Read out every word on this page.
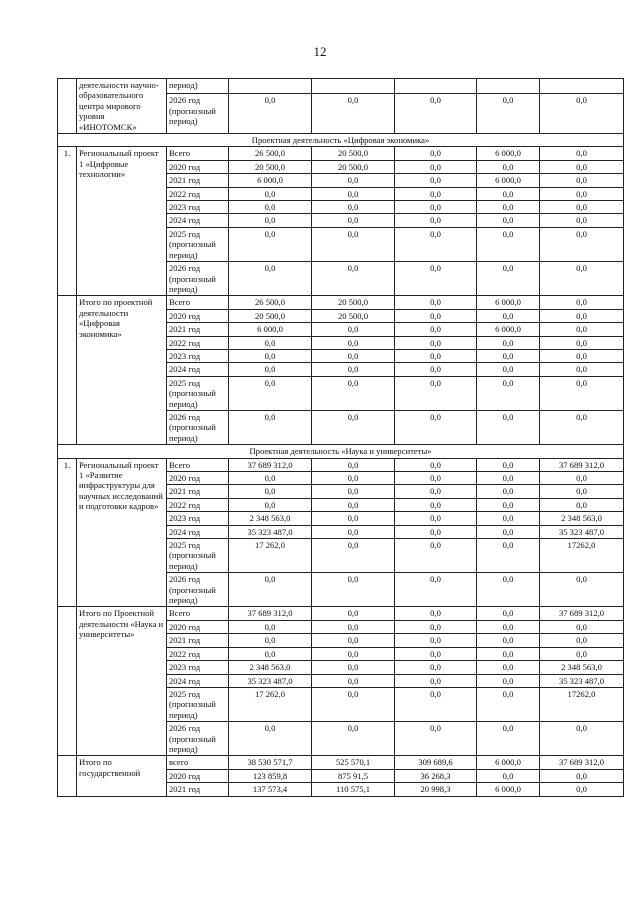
12
	деятельности научно-образовательного центра мирового уровня «ИНОТОМСК»	период)					
		2026 год (прогнозный период)	0,0	0,0	0,0	0,0	0,0
Проектная деятельность «Цифровая экономика»							
1.	Региональный проект 1 «Цифровые технологии»	Всего	26 500,0	20 500,0	0,0	6 000,0	0,0
		2020 год	20 500,0	20 500,0	0,0	0,0	0,0
		2021 год	6 000,0	0,0	0,0	6 000,0	0,0
		2022 год	0,0	0,0	0,0	0,0	0,0
		2023 год	0,0	0,0	0,0	0,0	0,0
		2024 год	0,0	0,0	0,0	0,0	0,0
		2025 год (прогнозный период)	0,0	0,0	0,0	0,0	0,0
		2026 год (прогнозный период)	0,0	0,0	0,0	0,0	0,0
	Итого по проектной деятельности «Цифровая экономика»	Всего	26 500,0	20 500,0	0,0	6 000,0	0,0
		2020 год	20 500,0	20 500,0	0,0	0,0	0,0
		2021 год	6 000,0	0,0	0,0	6 000,0	0,0
		2022 год	0,0	0,0	0,0	0,0	0,0
		2023 год	0,0	0,0	0,0	0,0	0,0
		2024 год	0,0	0,0	0,0	0,0	0,0
		2025 год (прогнозный период)	0,0	0,0	0,0	0,0	0,0
		2026 год (прогнозный период)	0,0	0,0	0,0	0,0	0,0
Проектная деятельность «Наука и университеты»							
1.	Региональный проект 1 «Развитие инфраструктуры для научных исследований и подготовки кадров»	Всего	37 689 312,0	0,0	0,0	0,0	37 689 312,0
		2020 год	0,0	0,0	0,0	0,0	0,0
		2021 год	0,0	0,0	0,0	0,0	0,0
		2022 год	0,0	0,0	0,0	0,0	0,0
		2023 год	2 348 563,0	0,0	0,0	0,0	2 348 563,0
		2024 год	35 323 487,0	0,0	0,0	0,0	35 323 487,0
		2025 год (прогнозный период)	17 262,0	0,0	0,0	0,0	17262,0
		2026 год (прогнозный период)	0,0	0,0	0,0	0,0	0,0
	Итого по Проектной деятельности «Наука и университеты»	Всего	37 689 312,0	0,0	0,0	0,0	37 689 312,0
		2020 год	0,0	0,0	0,0	0,0	0,0
		2021 год	0,0	0,0	0,0	0,0	0,0
		2022 год	0,0	0,0	0,0	0,0	0,0
		2023 год	2 348 563,0	0,0	0,0	0,0	2 348 563,0
		2024 год	35 323 487,0	0,0	0,0	0,0	35 323 487,0
		2025 год (прогнозный период)	17 262,0	0,0	0,0	0,0	17262,0
		2026 год (прогнозный период)	0,0	0,0	0,0	0,0	0,0
	Итого по государственной	всего	38 530 571,7	525 570,1	309 689,6	6 000,0	37 689 312,0
		2020 год	123 859,8	875 91,5	36 268,3	0,0	0,0
		2021 год	137 573,4	110 575,1	20 998,3	6 000,0	0,0
